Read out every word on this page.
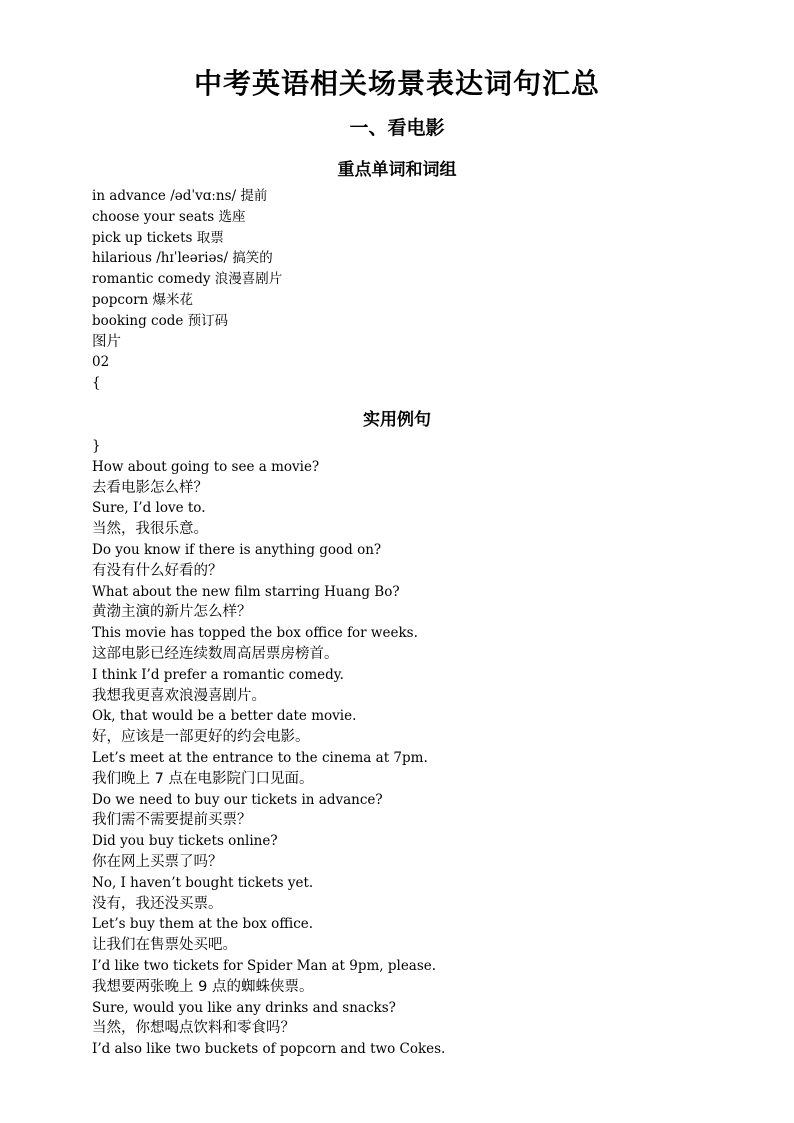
中考英语相关场景表达词句汇总
一、看电影
重点单词和词组
in advance /ədˈvɑːns/ 提前
choose your seats 选座
pick up tickets 取票
hilarious /hɪˈleəriəs/ 搞笑的
romantic comedy 浪漫喜剧片
popcorn 爆米花
booking code 预订码
图片
02
{
实用例句
}
How about going to see a movie?
去看电影怎么样？
Sure, I’d love to.
当然，我很乐意。
Do you know if there is anything good on?
有没有什么好看的？
What about the new film starring Huang Bo?
黄渤主演的新片怎么样？
This movie has topped the box office for weeks.
这部电影已经连续数周高居票房榜首。
I think I’d prefer a romantic comedy.
我想我更喜欢浪漫喜剧片。
Ok, that would be a better date movie.
好，应该是一部更好的约会电影。
Let’s meet at the entrance to the cinema at 7pm.
我们晚上 7 点在电影院门口见面。
Do we need to buy our tickets in advance?
我们需不需要提前买票？
Did you buy tickets online?
你在网上买票了吗？
No, I haven’t bought tickets yet.
没有，我还没买票。
Let’s buy them at the box office.
让我们在售票处买吧。
I’d like two tickets for Spider Man at 9pm, please.
我想要两张晚上 9 点的蜘蛛侠票。
Sure, would you like any drinks and snacks?
当然，你想喝点饮料和零食吗？
I’d also like two buckets of popcorn and two Cokes.
